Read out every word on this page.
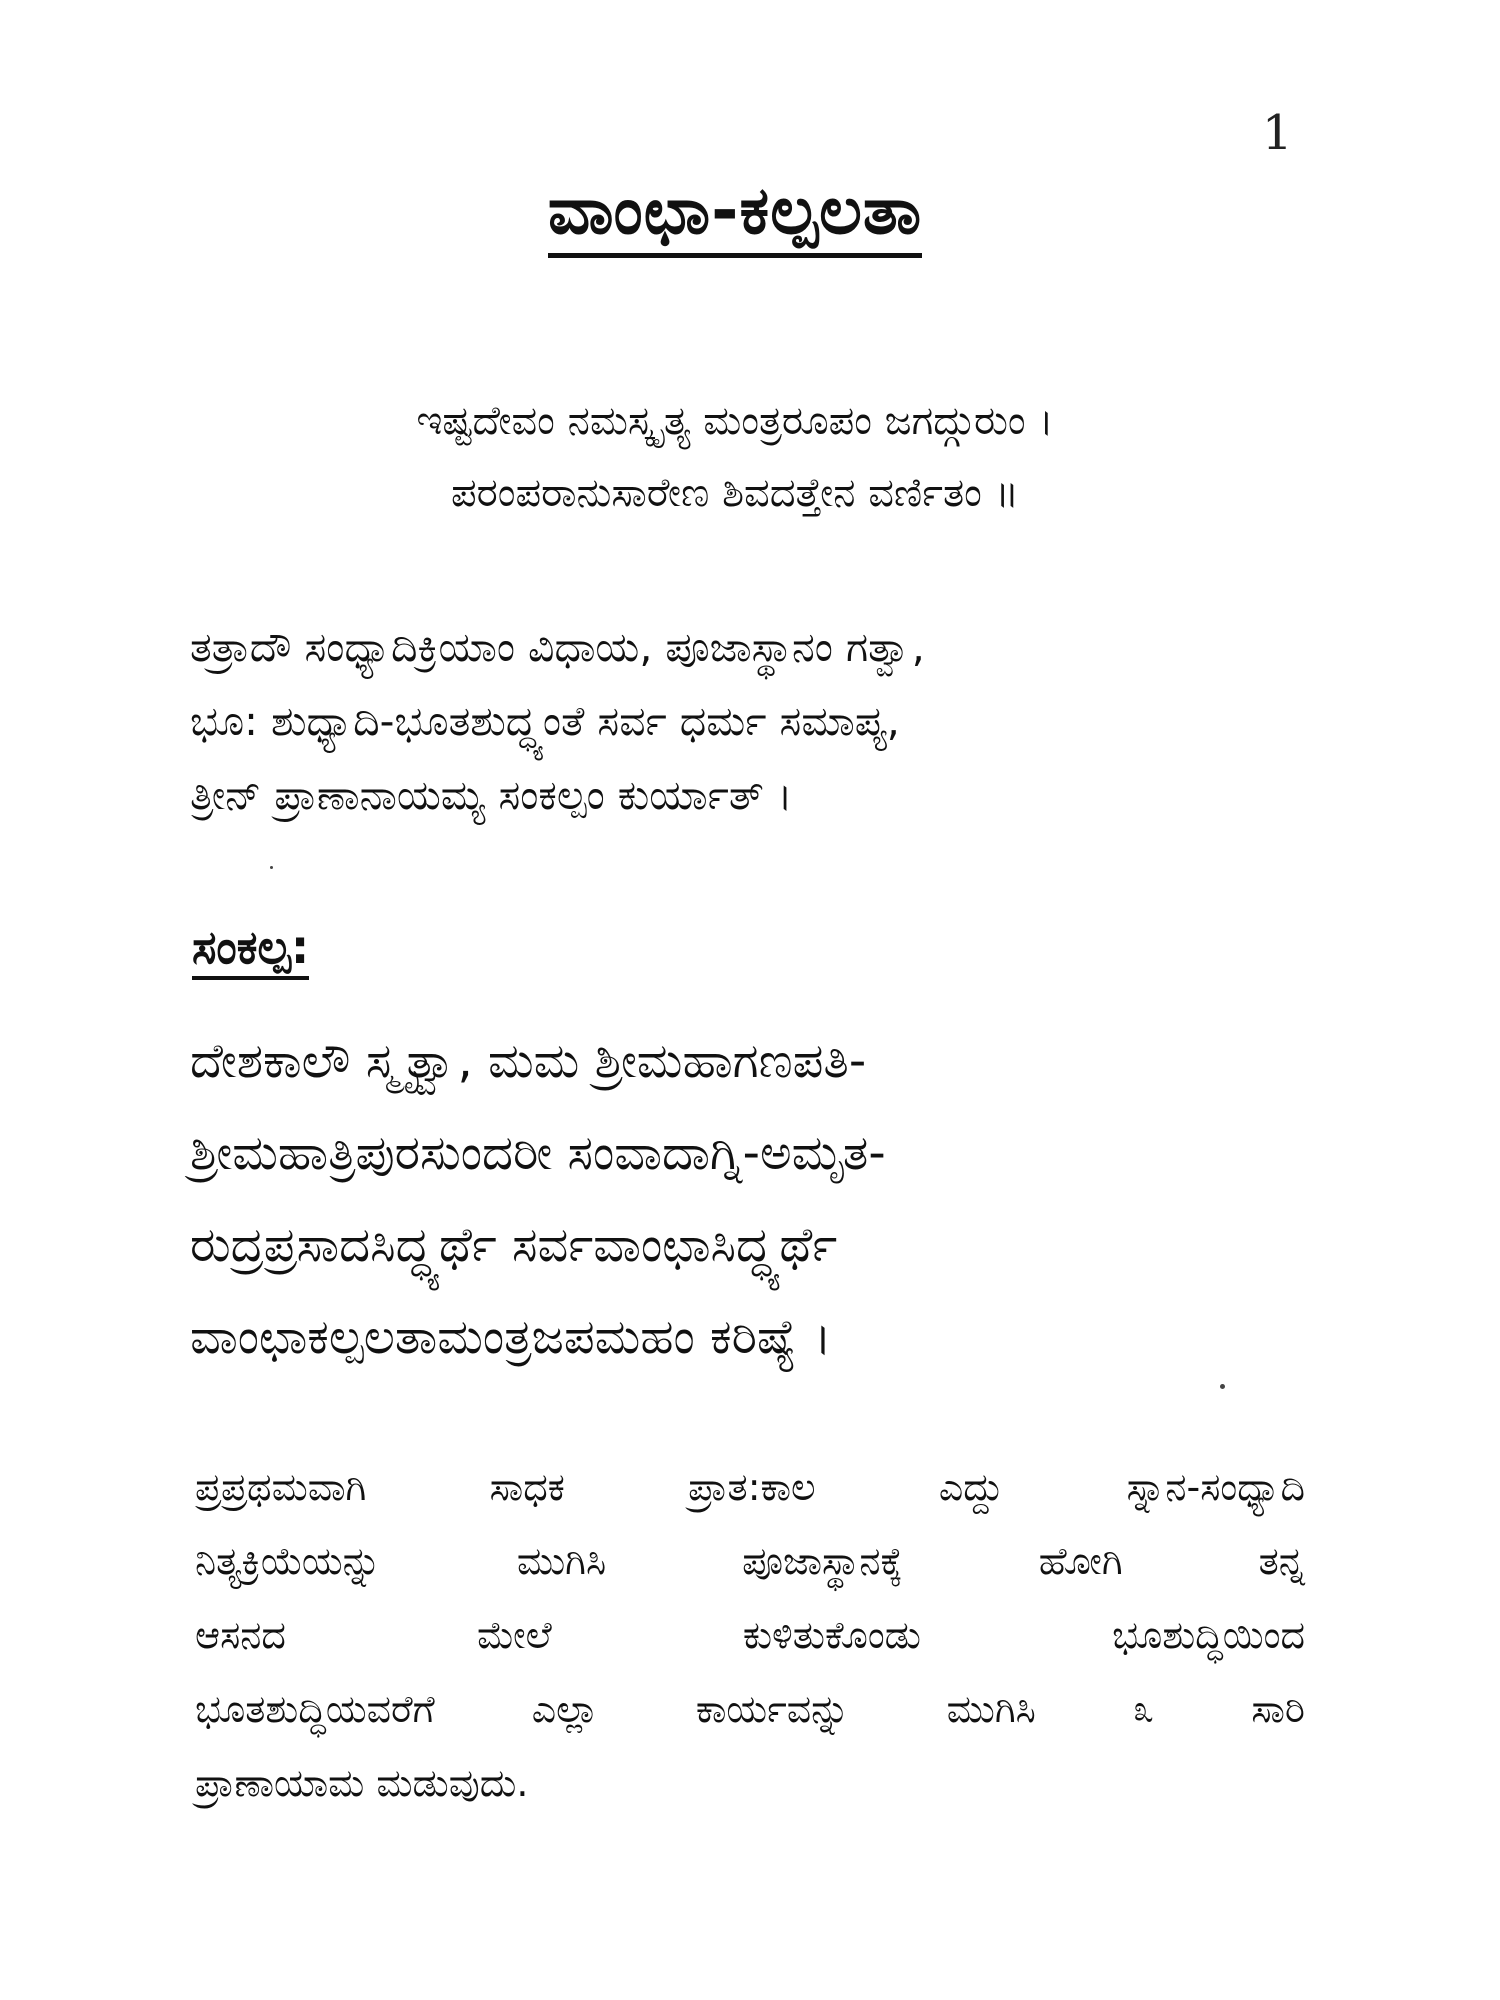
1
ವಾಂಛಾ-ಕಲ್ಪಲತಾ
ಇಷ್ಟದೇವಂ ನಮಸ್ಕೃತ್ಯ ಮಂತ್ರರೂಪಂ ಜಗದ್ಗುರುಂ ।
ಪರಂಪರಾನುಸಾರೇಣ ಶಿವದತ್ತೇನ ವರ್ಣಿತಂ ॥
ತತ್ರಾದೌ ಸಂಧ್ಯಾದಿಕ್ರಿಯಾಂ ವಿಧಾಯ, ಪೂಜಾಸ್ಥಾನಂ ಗತ್ವಾ,
ಭೂ: ಶುಧ್ಯಾದಿ-ಭೂತಶುದ್ಧ್ಯಂತೆ ಸರ್ವ ಧರ್ಮ ಸಮಾಪ್ಯ,
ತ್ರೀನ್ ಪ್ರಾಣಾನಾಯಮ್ಯ ಸಂಕಲ್ಪಂ ಕುರ್ಯಾತ್ ।
ಸಂಕಲ್ಪ:
ದೇಶಕಾಲೌ ಸ್ಮೃತ್ವಾ, ಮಮ ಶ್ರೀಮಹಾಗಣಪತಿ-
ಶ್ರೀಮಹಾತ್ರಿಪುರಸುಂದರೀ ಸಂವಾದಾಗ್ನಿ-ಅಮೃತ-
ರುದ್ರಪ್ರಸಾದಸಿದ್ಧ್ಯರ್ಥೆ ಸರ್ವವಾಂಛಾಸಿದ್ಧ್ಯರ್ಥೆ
ವಾಂಛಾಕಲ್ಪಲತಾಮಂತ್ರಜಪಮಹಂ ಕರಿಷ್ಯೆ ।
ಪ್ರಪ್ರಥಮವಾಗಿ ಸಾಧಕ ಪ್ರಾತ:ಕಾಲ ಎದ್ದು ಸ್ನಾನ-ಸಂಧ್ಯಾದಿ
ನಿತ್ಯಕ್ರಿಯೆಯನ್ನು ಮುಗಿಸಿ ಪೂಜಾಸ್ಥಾನಕ್ಕೆ ಹೋಗಿ ತನ್ನ
ಆಸನದ ಮೇಲೆ ಕುಳಿತುಕೊಂಡು ಭೂಶುದ್ಧಿಯಿಂದ
ಭೂತಶುದ್ಧಿಯವರೆಗೆ ಎಲ್ಲಾ ಕಾರ್ಯವನ್ನು ಮುಗಿಸಿ ೩ ಸಾರಿ
ಪ್ರಾಣಾಯಾಮ ಮಡುವುದು.
